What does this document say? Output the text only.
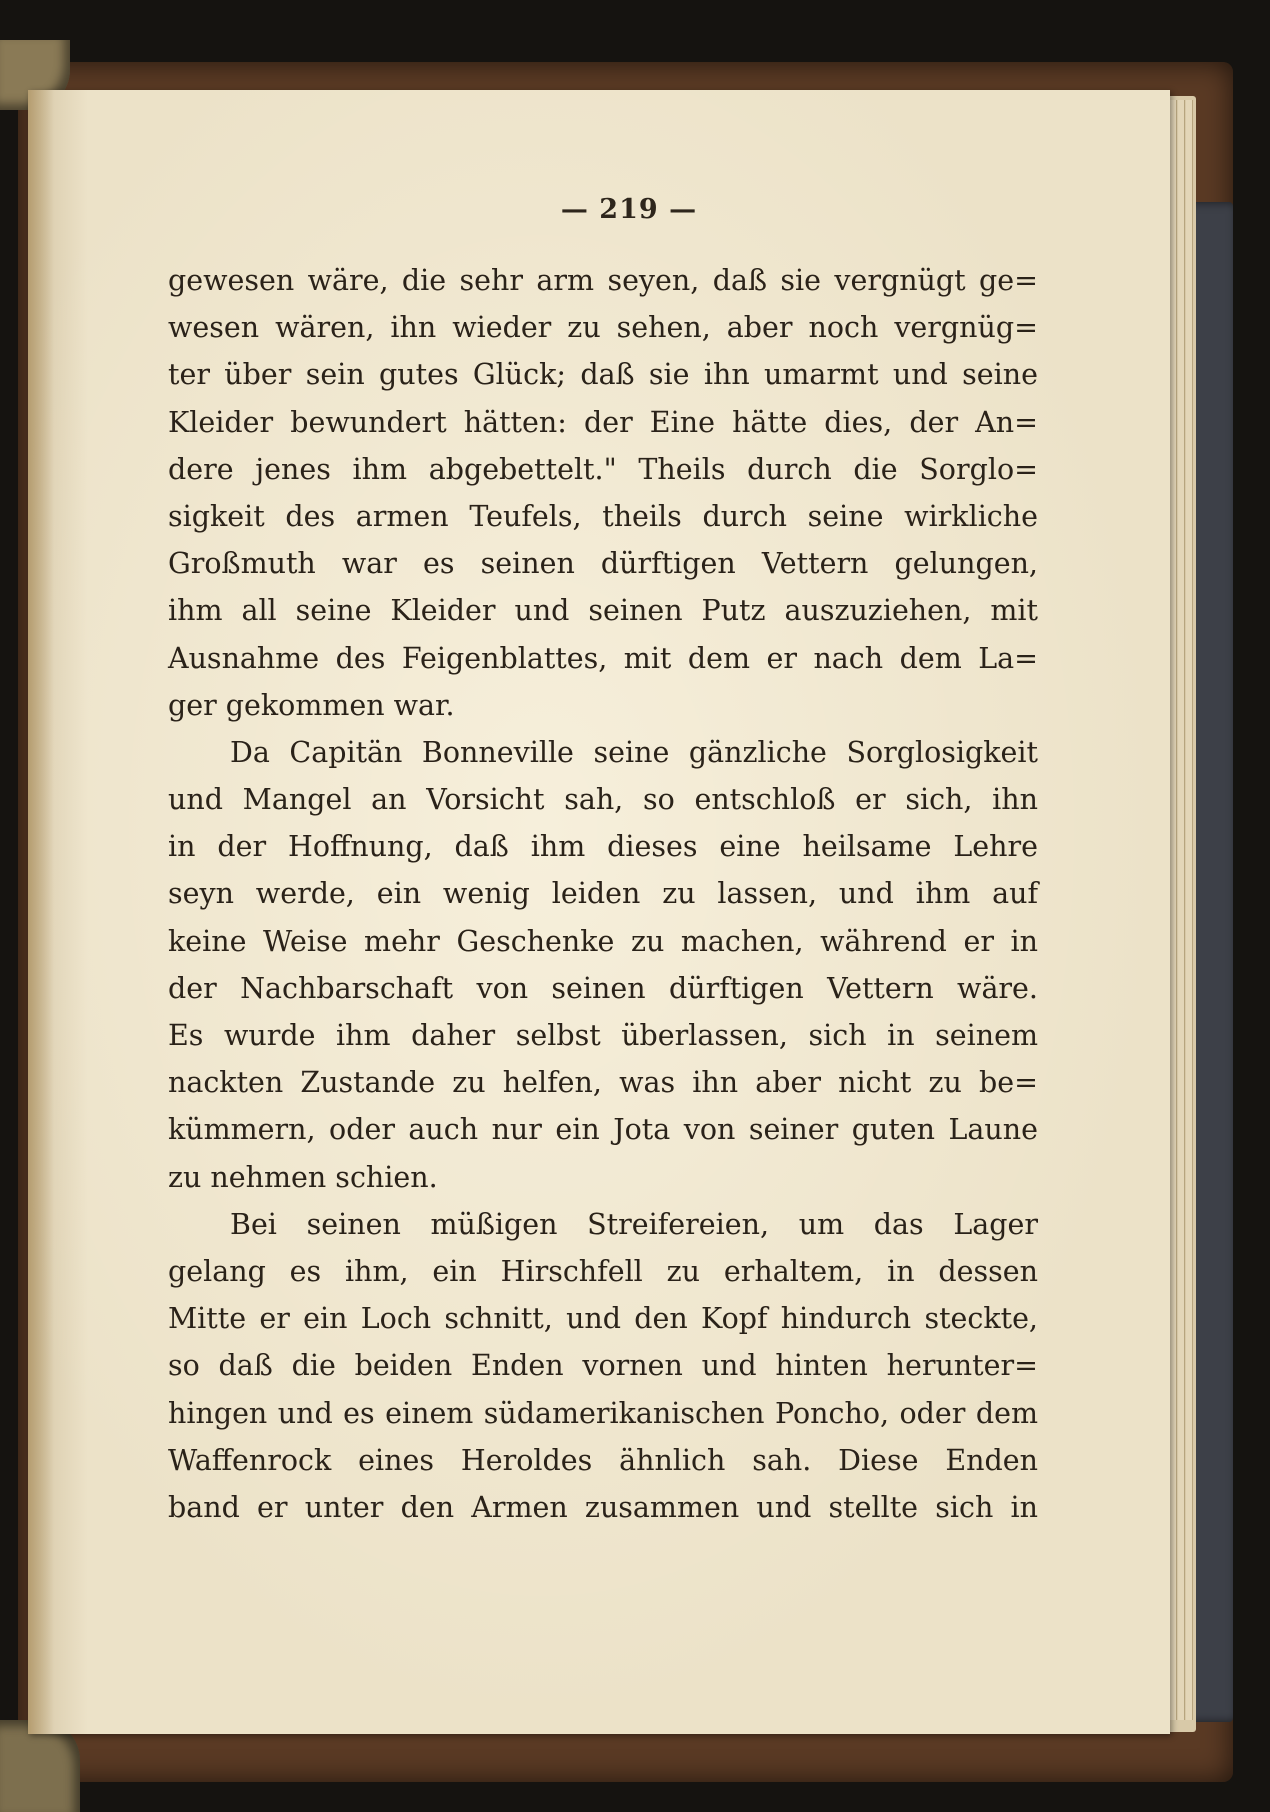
— 219 —
gewesen wäre, die sehr arm seyen, daß sie vergnügt ge=
wesen wären, ihn wieder zu sehen, aber noch vergnüg=
ter über sein gutes Glück; daß sie ihn umarmt und seine
Kleider bewundert hätten: der Eine hätte dies, der An=
dere jenes ihm abgebettelt." Theils durch die Sorglo=
sigkeit des armen Teufels, theils durch seine wirkliche
Großmuth war es seinen dürftigen Vettern gelungen,
ihm all seine Kleider und seinen Putz auszuziehen, mit
Ausnahme des Feigenblattes, mit dem er nach dem La=
ger gekommen war.
Da Capitän Bonneville seine gänzliche Sorglosigkeit
und Mangel an Vorsicht sah, so entschloß er sich, ihn
in der Hoffnung, daß ihm dieses eine heilsame Lehre
seyn werde, ein wenig leiden zu lassen, und ihm auf
keine Weise mehr Geschenke zu machen, während er in
der Nachbarschaft von seinen dürftigen Vettern wäre.
Es wurde ihm daher selbst überlassen, sich in seinem
nackten Zustande zu helfen, was ihn aber nicht zu be=
kümmern, oder auch nur ein Jota von seiner guten Laune
zu nehmen schien.
Bei seinen müßigen Streifereien, um das Lager
gelang es ihm, ein Hirschfell zu erhaltem, in dessen
Mitte er ein Loch schnitt, und den Kopf hindurch steckte,
so daß die beiden Enden vornen und hinten herunter=
hingen und es einem südamerikanischen Poncho, oder dem
Waffenrock eines Heroldes ähnlich sah. Diese Enden
band er unter den Armen zusammen und stellte sich in
